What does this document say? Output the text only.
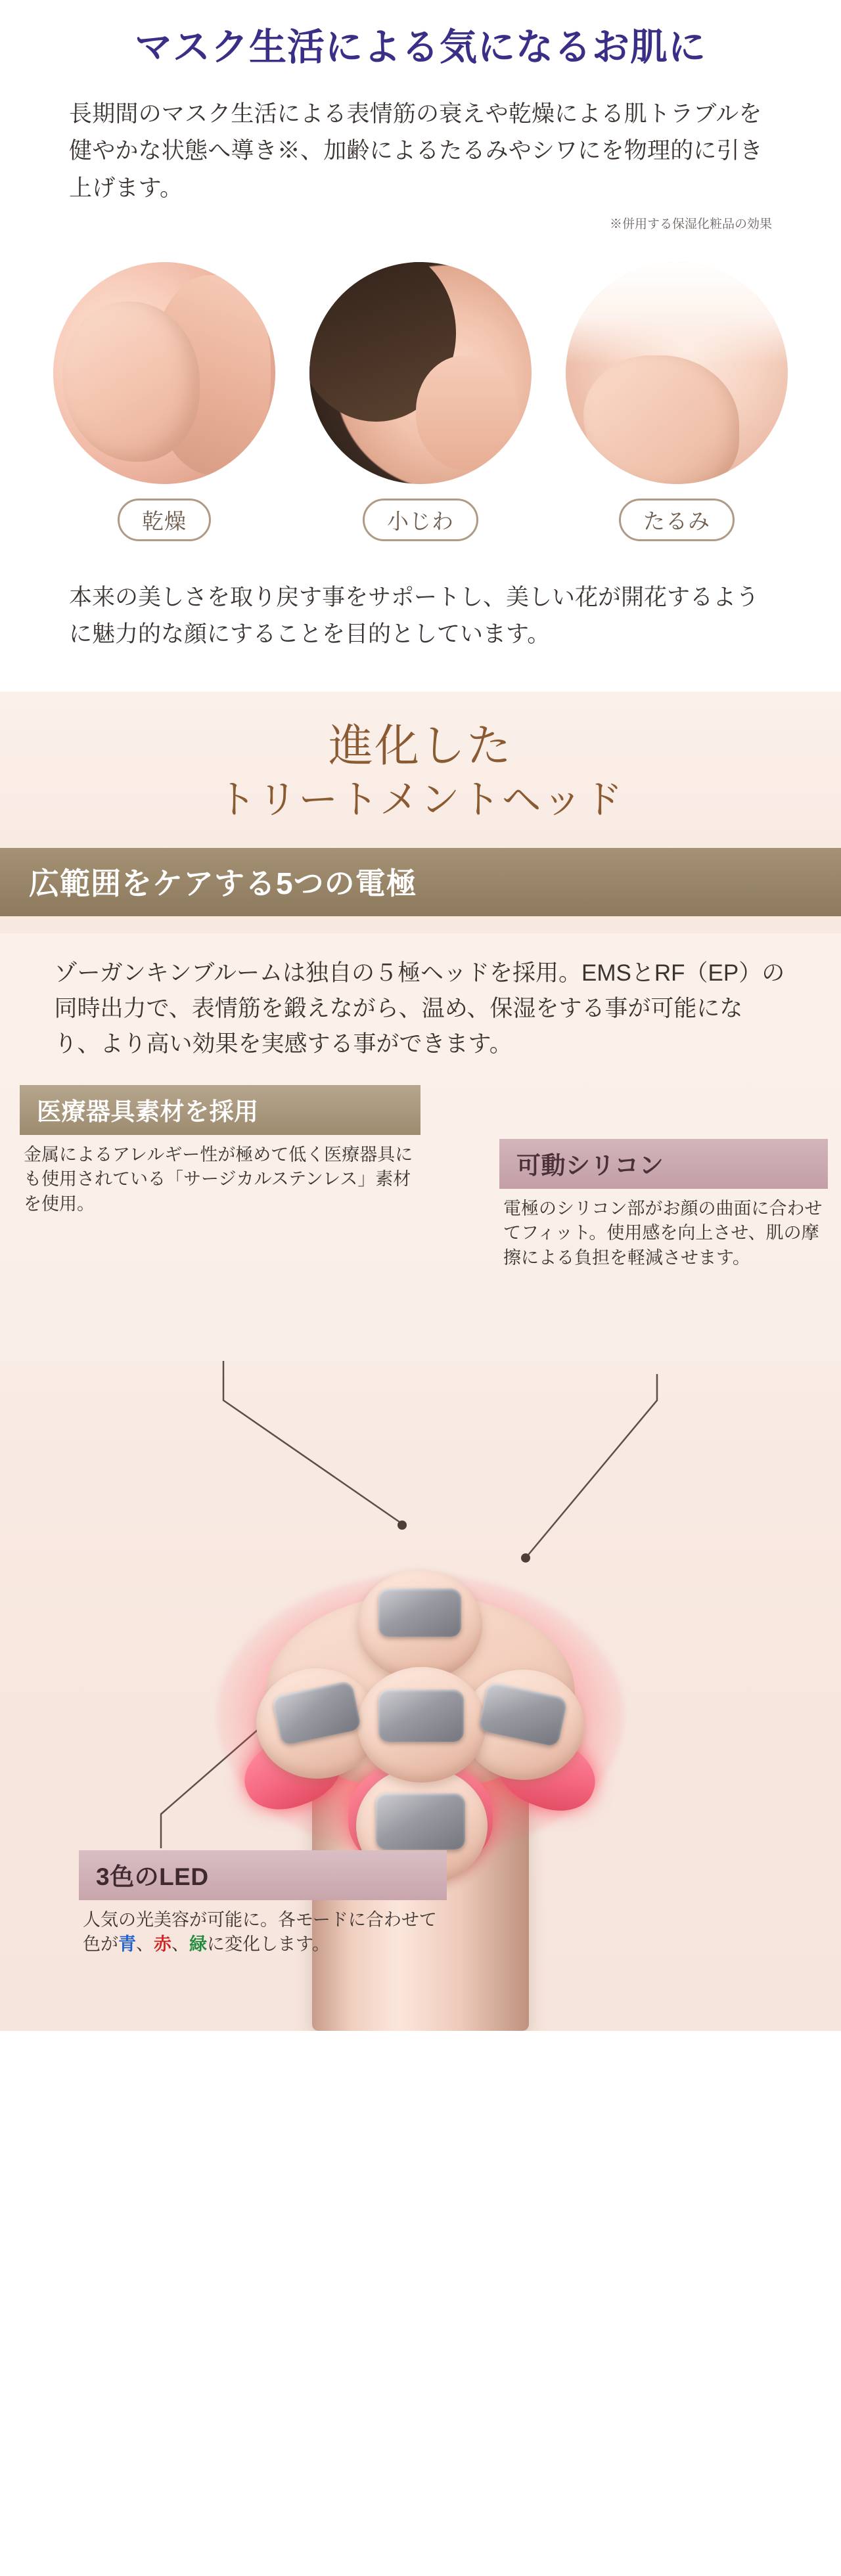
マスク生活による気になるお肌に

長期間のマスク生活による表情筋の衰えや乾燥による肌トラブルを健やかな状態へ導き※、加齢によるたるみやシワにを物理的に引き上げます。

※併用する保湿化粧品の効果

乾燥	小じわ	たるみ

本来の美しさを取り戻す事をサポートし、美しい花が開花するように魅力的な顔にすることを目的としています。

進化した
トリートメントヘッド
広範囲をケアする5つの電極

ゾーガンキンブルームは独自の５極ヘッドを採用。EMSとRF（EP）の同時出力で、表情筋を鍛えながら、温め、保湿をする事が可能になり、より高い効果を実感する事ができます。

医療器具素材を採用
金属によるアレルギー性が極めて低く医療器具にも使用されている「サージカルステンレス」素材を使用。
可動シリコン
電極のシリコン部がお顔の曲面に合わせてフィット。使用感を向上させ、肌の摩擦による負担を軽減させます。
3色のLED
人気の光美容が可能に。各モードに合わせて色が青、赤、緑に変化します。
